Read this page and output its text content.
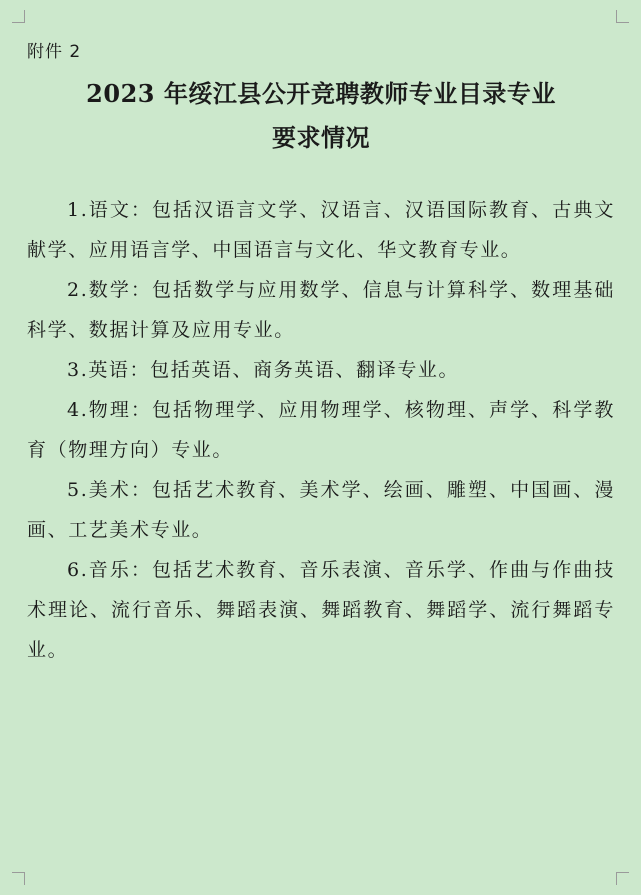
附件 2

2023 年绥江县公开竞聘教师专业目录专业
要求情况

1.语文：包括汉语言文学、汉语言、汉语国际教育、古典文献学、应用语言学、中国语言与文化、华文教育专业。

2.数学：包括数学与应用数学、信息与计算科学、数理基础科学、数据计算及应用专业。

3.英语：包括英语、商务英语、翻译专业。

4.物理：包括物理学、应用物理学、核物理、声学、科学教育（物理方向）专业。

5.美术：包括艺术教育、美术学、绘画、雕塑、中国画、漫画、工艺美术专业。

6.音乐：包括艺术教育、音乐表演、音乐学、作曲与作曲技术理论、流行音乐、舞蹈表演、舞蹈教育、舞蹈学、流行舞蹈专业。
